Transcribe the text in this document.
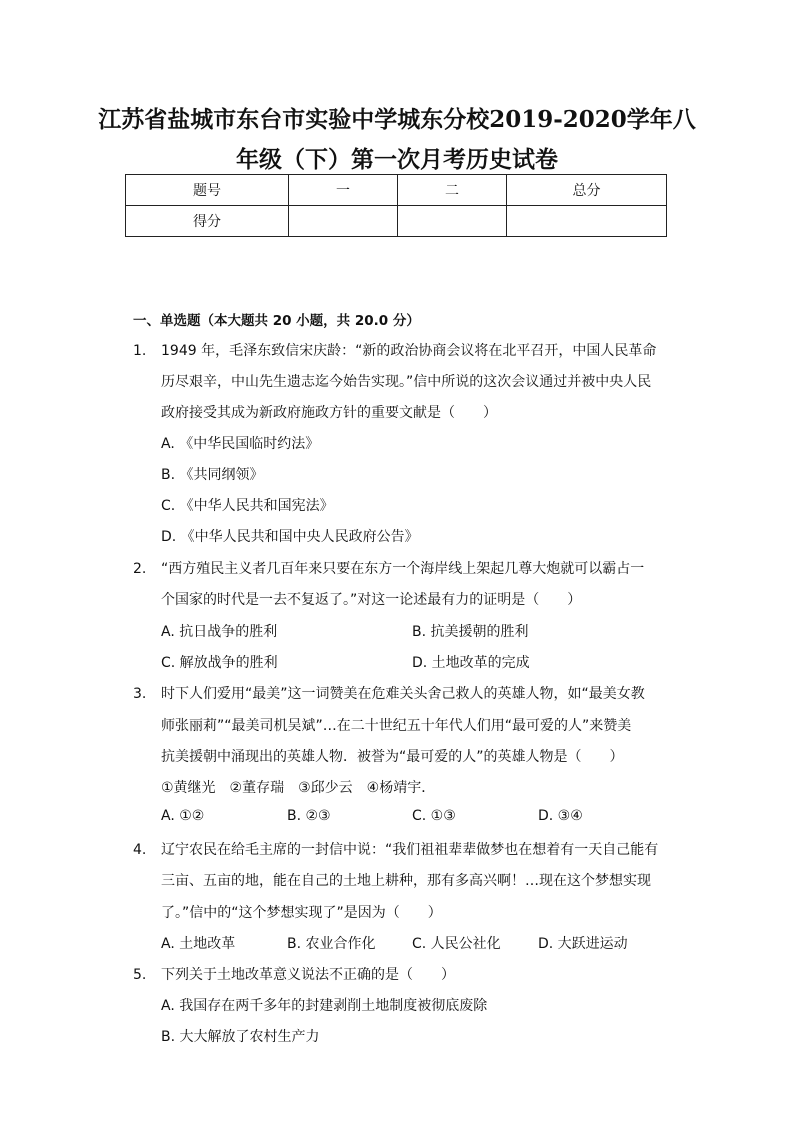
江苏省盐城市东台市实验中学城东分校2019-2020学年八
年级（下）第一次月考历史试卷
题号	一	二	总分
得分			
一、单选题（本大题共 20 小题，共 20.0 分）
1. 1949 年，毛泽东致信宋庆龄：“新的政治协商会议将在北平召开，中国人民革命
历尽艰辛，中山先生遗志迄今始告实现。”信中所说的这次会议通过并被中央人民
政府接受其成为新政府施政方针的重要文献是（　　）
A. 《中华民国临时约法》
B. 《共同纲领》
C. 《中华人民共和国宪法》
D. 《中华人民共和国中央人民政府公告》
2. “西方殖民主义者几百年来只要在东方一个海岸线上架起几尊大炮就可以霸占一
个国家的时代是一去不复返了。”对这一论述最有力的证明是（　　）
A. 抗日战争的胜利	B. 抗美援朝的胜利
C. 解放战争的胜利	D. 土地改革的完成
3. 时下人们爱用“最美”这一词赞美在危难关头舍己救人的英雄人物，如“最美女教
师张丽莉”“最美司机吴斌”…在二十世纪五十年代人们用“最可爱的人”来赞美
抗美援朝中涌现出的英雄人物．被誉为“最可爱的人”的英雄人物是（　　）
①黄继光　②董存瑞　③邱少云　④杨靖宇．
A. ①②	B. ②③	C. ①③	D. ③④
4. 辽宁农民在给毛主席的一封信中说：“我们祖祖辈辈做梦也在想着有一天自己能有
三亩、五亩的地，能在自己的土地上耕种，那有多高兴啊！…现在这个梦想实现
了。”信中的“这个梦想实现了”是因为（　　）
A. 土地改革	B. 农业合作化	C. 人民公社化	D. 大跃进运动
5. 下列关于土地改革意义说法不正确的是（　　）
A. 我国存在两千多年的封建剥削土地制度被彻底废除
B. 大大解放了农村生产力
